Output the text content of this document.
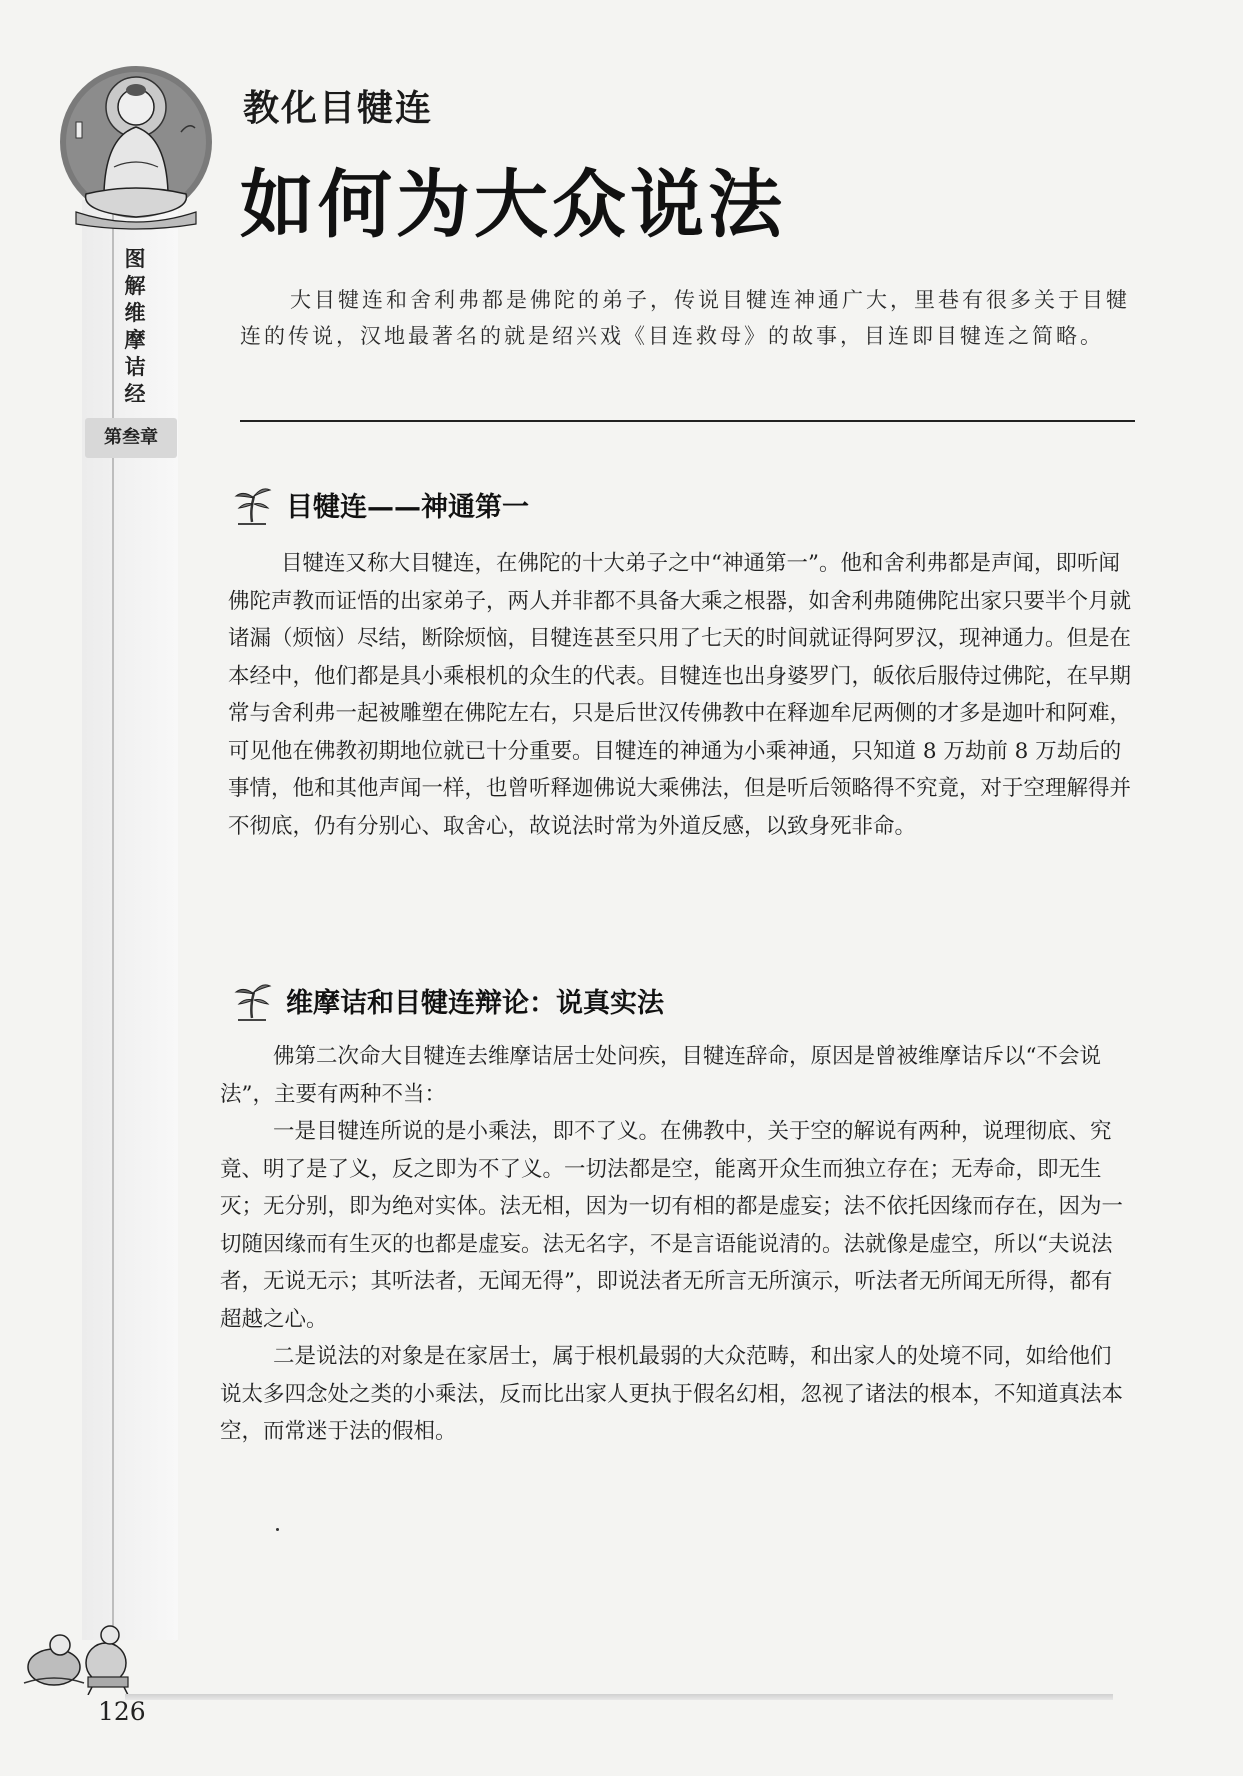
图
解
维
摩
诘
经
第叁章
教化目犍连
如何为大众说法
大目犍连和舍利弗都是佛陀的弟子，传说目犍连神通广大，里巷有很多关于目犍连的传说，汉地最著名的就是绍兴戏《目连救母》的故事，目连即目犍连之简略。
目犍连——神通第一

目犍连又称大目犍连，在佛陀的十大弟子之中“神通第一”。他和舍利弗都是声闻，即听闻佛陀声教而证悟的出家弟子，两人并非都不具备大乘之根器，如舍利弗随佛陀出家只要半个月就诸漏（烦恼）尽结，断除烦恼，目犍连甚至只用了七天的时间就证得阿罗汉，现神通力。但是在本经中，他们都是具小乘根机的众生的代表。目犍连也出身婆罗门，皈依后服侍过佛陀，在早期常与舍利弗一起被雕塑在佛陀左右，只是后世汉传佛教中在释迦牟尼两侧的才多是迦叶和阿难，可见他在佛教初期地位就已十分重要。目犍连的神通为小乘神通，只知道 8 万劫前 8 万劫后的事情，他和其他声闻一样，也曾听释迦佛说大乘佛法，但是听后领略得不究竟，对于空理解得并不彻底，仍有分别心、取舍心，故说法时常为外道反感，以致身死非命。

维摩诘和目犍连辩论：说真实法

佛第二次命大目犍连去维摩诘居士处问疾，目犍连辞命，原因是曾被维摩诘斥以“不会说法”，主要有两种不当：

一是目犍连所说的是小乘法，即不了义。在佛教中，关于空的解说有两种，说理彻底、究竟、明了是了义，反之即为不了义。一切法都是空，能离开众生而独立存在；无寿命，即无生灭；无分别，即为绝对实体。法无相，因为一切有相的都是虚妄；法不依托因缘而存在，因为一切随因缘而有生灭的也都是虚妄。法无名字，不是言语能说清的。法就像是虚空，所以“夫说法者，无说无示；其听法者，无闻无得”，即说法者无所言无所演示，听法者无所闻无所得，都有超越之心。

二是说法的对象是在家居士，属于根机最弱的大众范畴，和出家人的处境不同，如给他们说太多四念处之类的小乘法，反而比出家人更执于假名幻相，忽视了诸法的根本，不知道真法本空，而常迷于法的假相。

126
